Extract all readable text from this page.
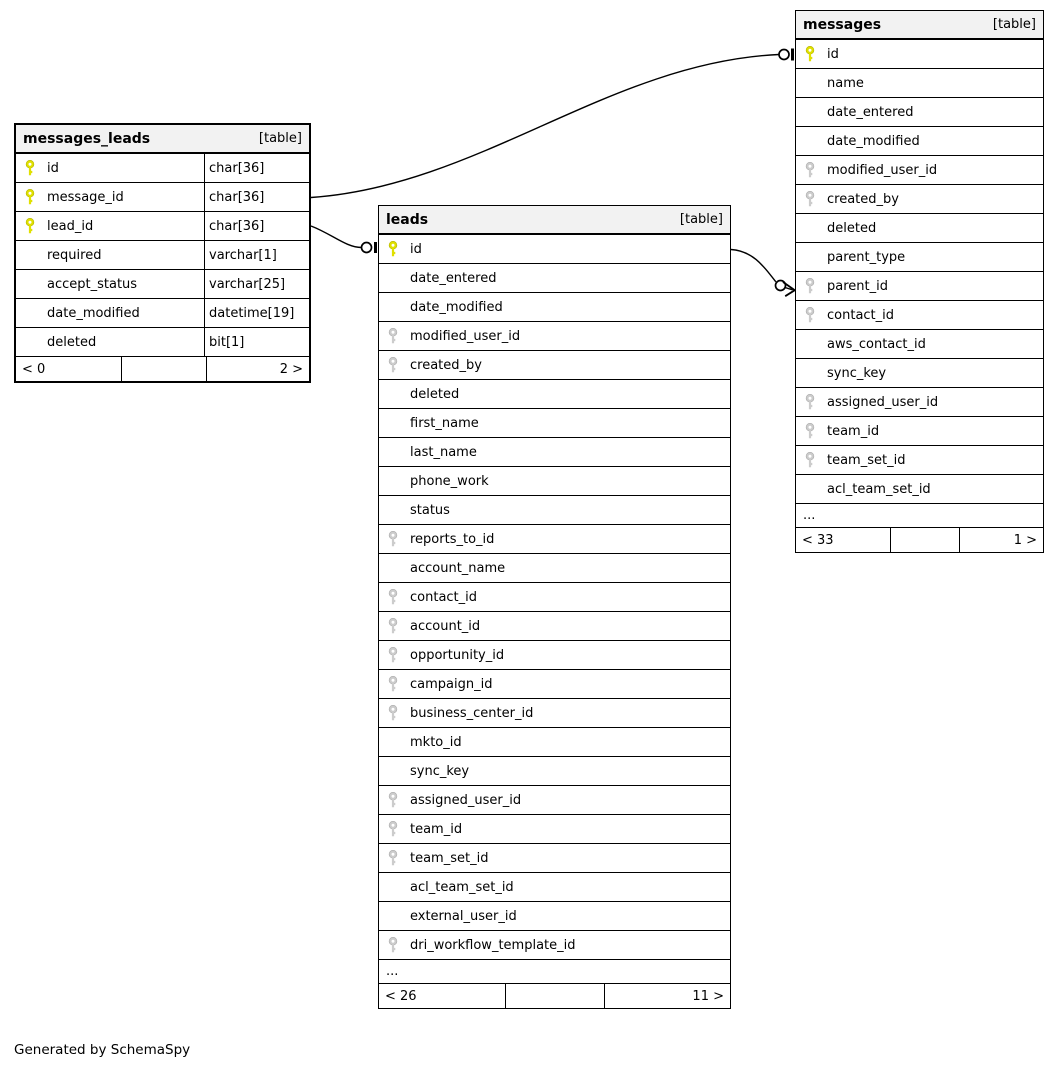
messages_leads	[table]
id	char[36]
message_id	char[36]
lead_id	char[36]
required	varchar[1]
accept_status	varchar[25]
date_modified	datetime[19]
deleted	bit[1]
< 0	2 >
leads	[table]
id
date_entered
date_modified
modified_user_id
created_by
deleted
first_name
last_name
phone_work
status
reports_to_id
account_name
contact_id
account_id
opportunity_id
campaign_id
business_center_id
mkto_id
sync_key
assigned_user_id
team_id
team_set_id
acl_team_set_id
external_user_id
dri_workflow_template_id
...
< 26	11 >
messages	[table]
id
name
date_entered
date_modified
modified_user_id
created_by
deleted
parent_type
parent_id
contact_id
aws_contact_id
sync_key
assigned_user_id
team_id
team_set_id
acl_team_set_id
...
< 33	1 >
Generated by SchemaSpy
